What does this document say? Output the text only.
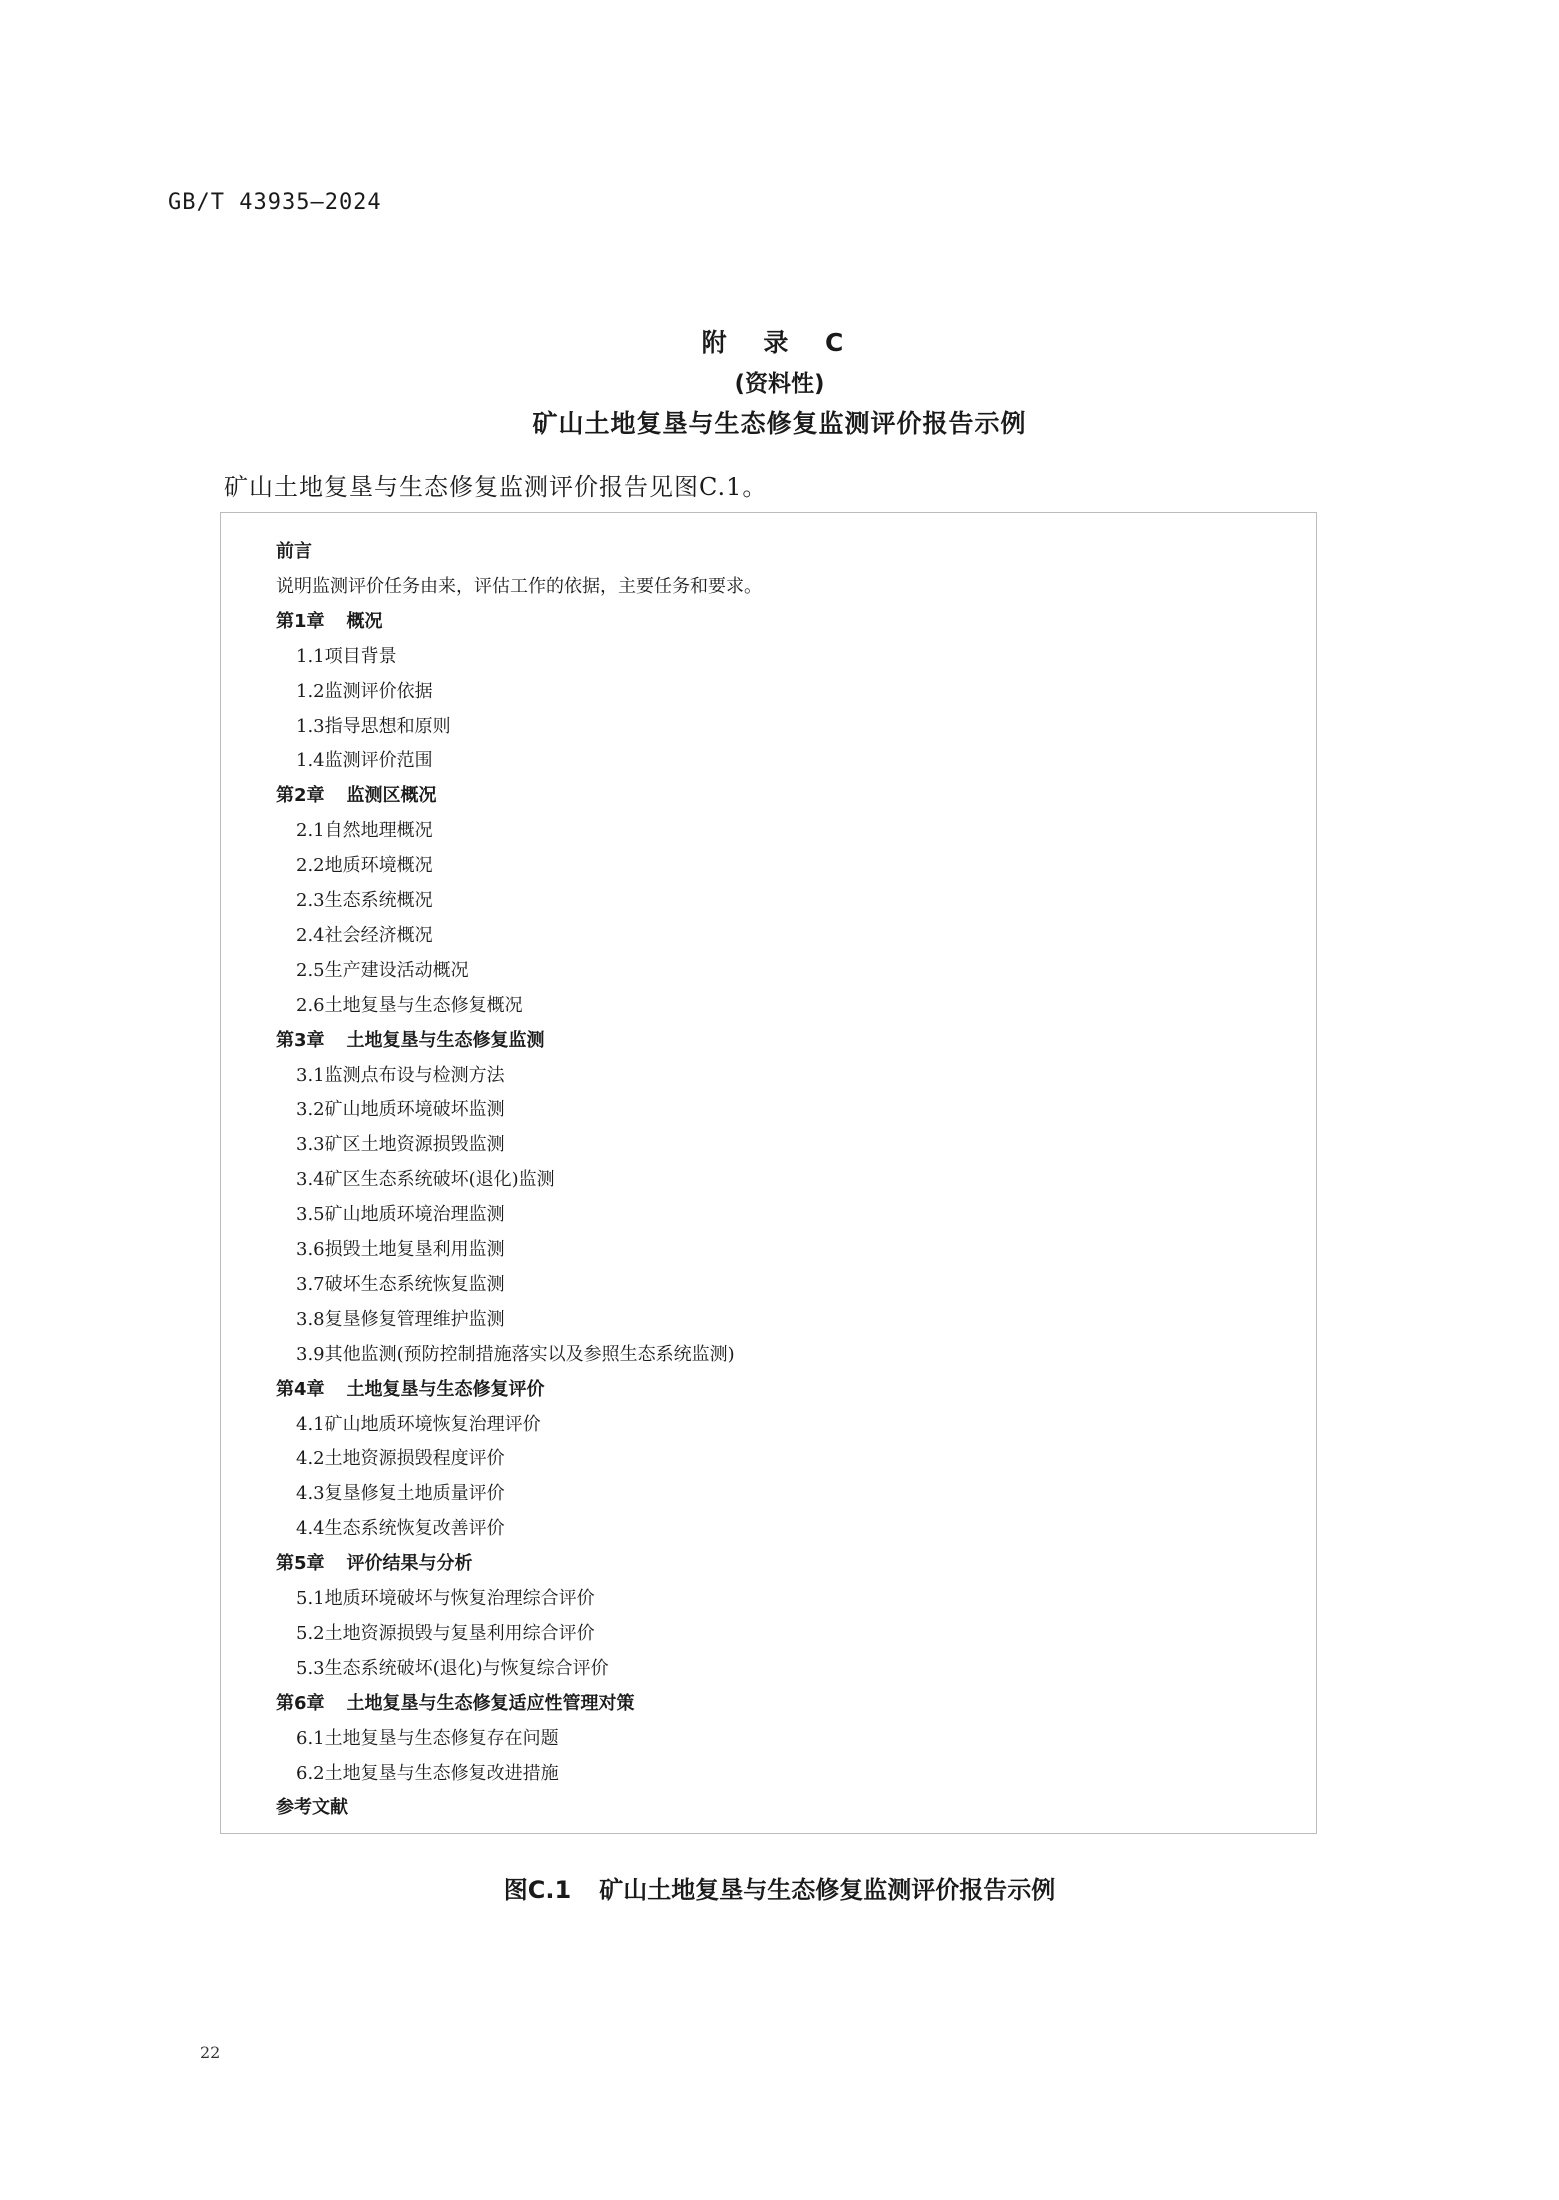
GB/T 43935—2024
附 录 C
(资料性)
矿山土地复垦与生态修复监测评价报告示例
矿山土地复垦与生态修复监测评价报告见图C.1。
前言
说明监测评价任务由来，评估工作的依据，主要任务和要求。
第1章 概况
1.1项目背景
1.2监测评价依据
1.3指导思想和原则
1.4监测评价范围
第2章 监测区概况
2.1自然地理概况
2.2地质环境概况
2.3生态系统概况
2.4社会经济概况
2.5生产建设活动概况
2.6土地复垦与生态修复概况
第3章 土地复垦与生态修复监测
3.1监测点布设与检测方法
3.2矿山地质环境破坏监测
3.3矿区土地资源损毁监测
3.4矿区生态系统破坏(退化)监测
3.5矿山地质环境治理监测
3.6损毁土地复垦利用监测
3.7破坏生态系统恢复监测
3.8复垦修复管理维护监测
3.9其他监测(预防控制措施落实以及参照生态系统监测)
第4章 土地复垦与生态修复评价
4.1矿山地质环境恢复治理评价
4.2土地资源损毁程度评价
4.3复垦修复土地质量评价
4.4生态系统恢复改善评价
第5章 评价结果与分析
5.1地质环境破坏与恢复治理综合评价
5.2土地资源损毁与复垦利用综合评价
5.3生态系统破坏(退化)与恢复综合评价
第6章 土地复垦与生态修复适应性管理对策
6.1土地复垦与生态修复存在问题
6.2土地复垦与生态修复改进措施
参考文献
图C.1 矿山土地复垦与生态修复监测评价报告示例
22
